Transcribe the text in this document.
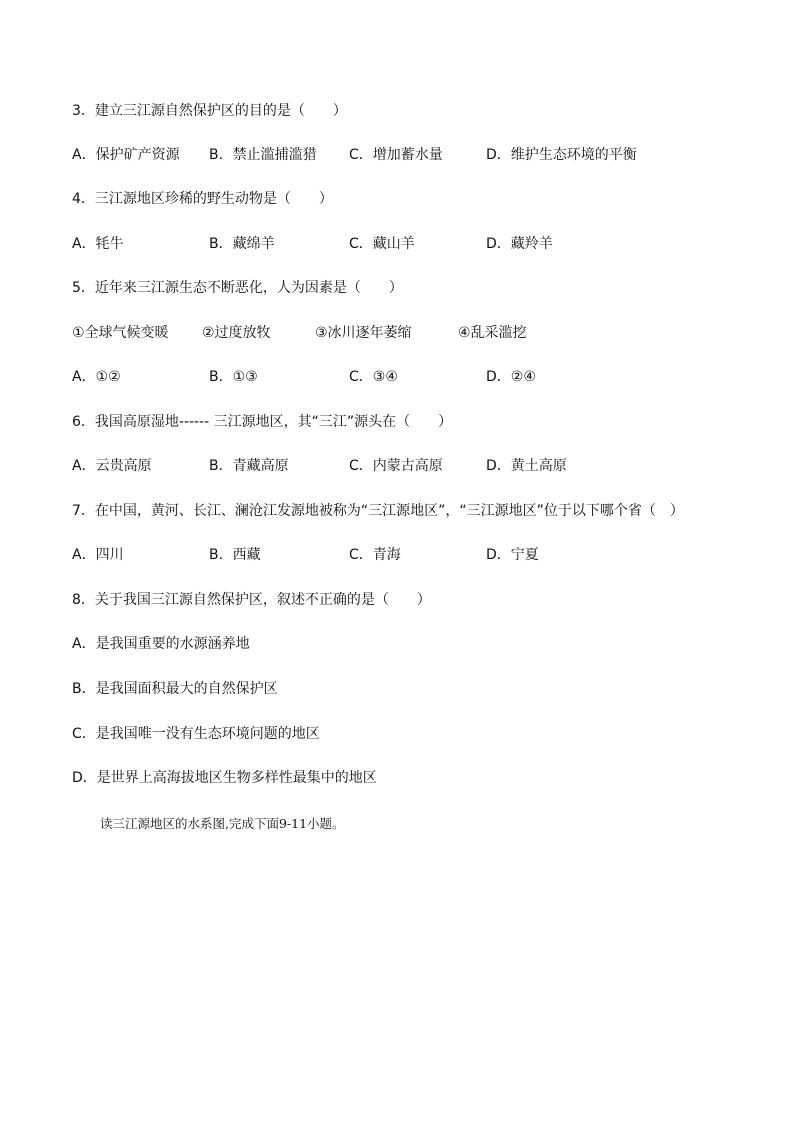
3．建立三江源自然保护区的目的是（　　）
A．保护矿产资源 B．禁止滥捕滥猎 C．增加蓄水量	D．维护生态环境的平衡
4．三江源地区珍稀的野生动物是（　　）
A．牦牛	B．藏绵羊	C．藏山羊	D．藏羚羊
5．近年来三江源生态不断恶化，人为因素是（　　）
①全球气候变暖 ②过度放牧	③冰川逐年萎缩	④乱采滥挖
A．①②	B．①③	C．③④	D．②④
6．我国高原湿地------ 三江源地区，其“三江”源头在（　　）
A．云贵高原	B．青藏高原	C．内蒙古高原	D．黄土高原
7．在中国，黄河、长江、澜沧江发源地被称为“三江源地区”，“三江源地区”位于以下哪个省（　）
A．四川	B．西藏	C．青海	D．宁夏
8．关于我国三江源自然保护区，叙述不正确的是（　　）
A．是我国重要的水源涵养地
B．是我国面积最大的自然保护区
C．是我国唯一没有生态环境问题的地区
D．是世界上高海拔地区生物多样性最集中的地区
读三江源地区的水系图,完成下面9-11小题。
